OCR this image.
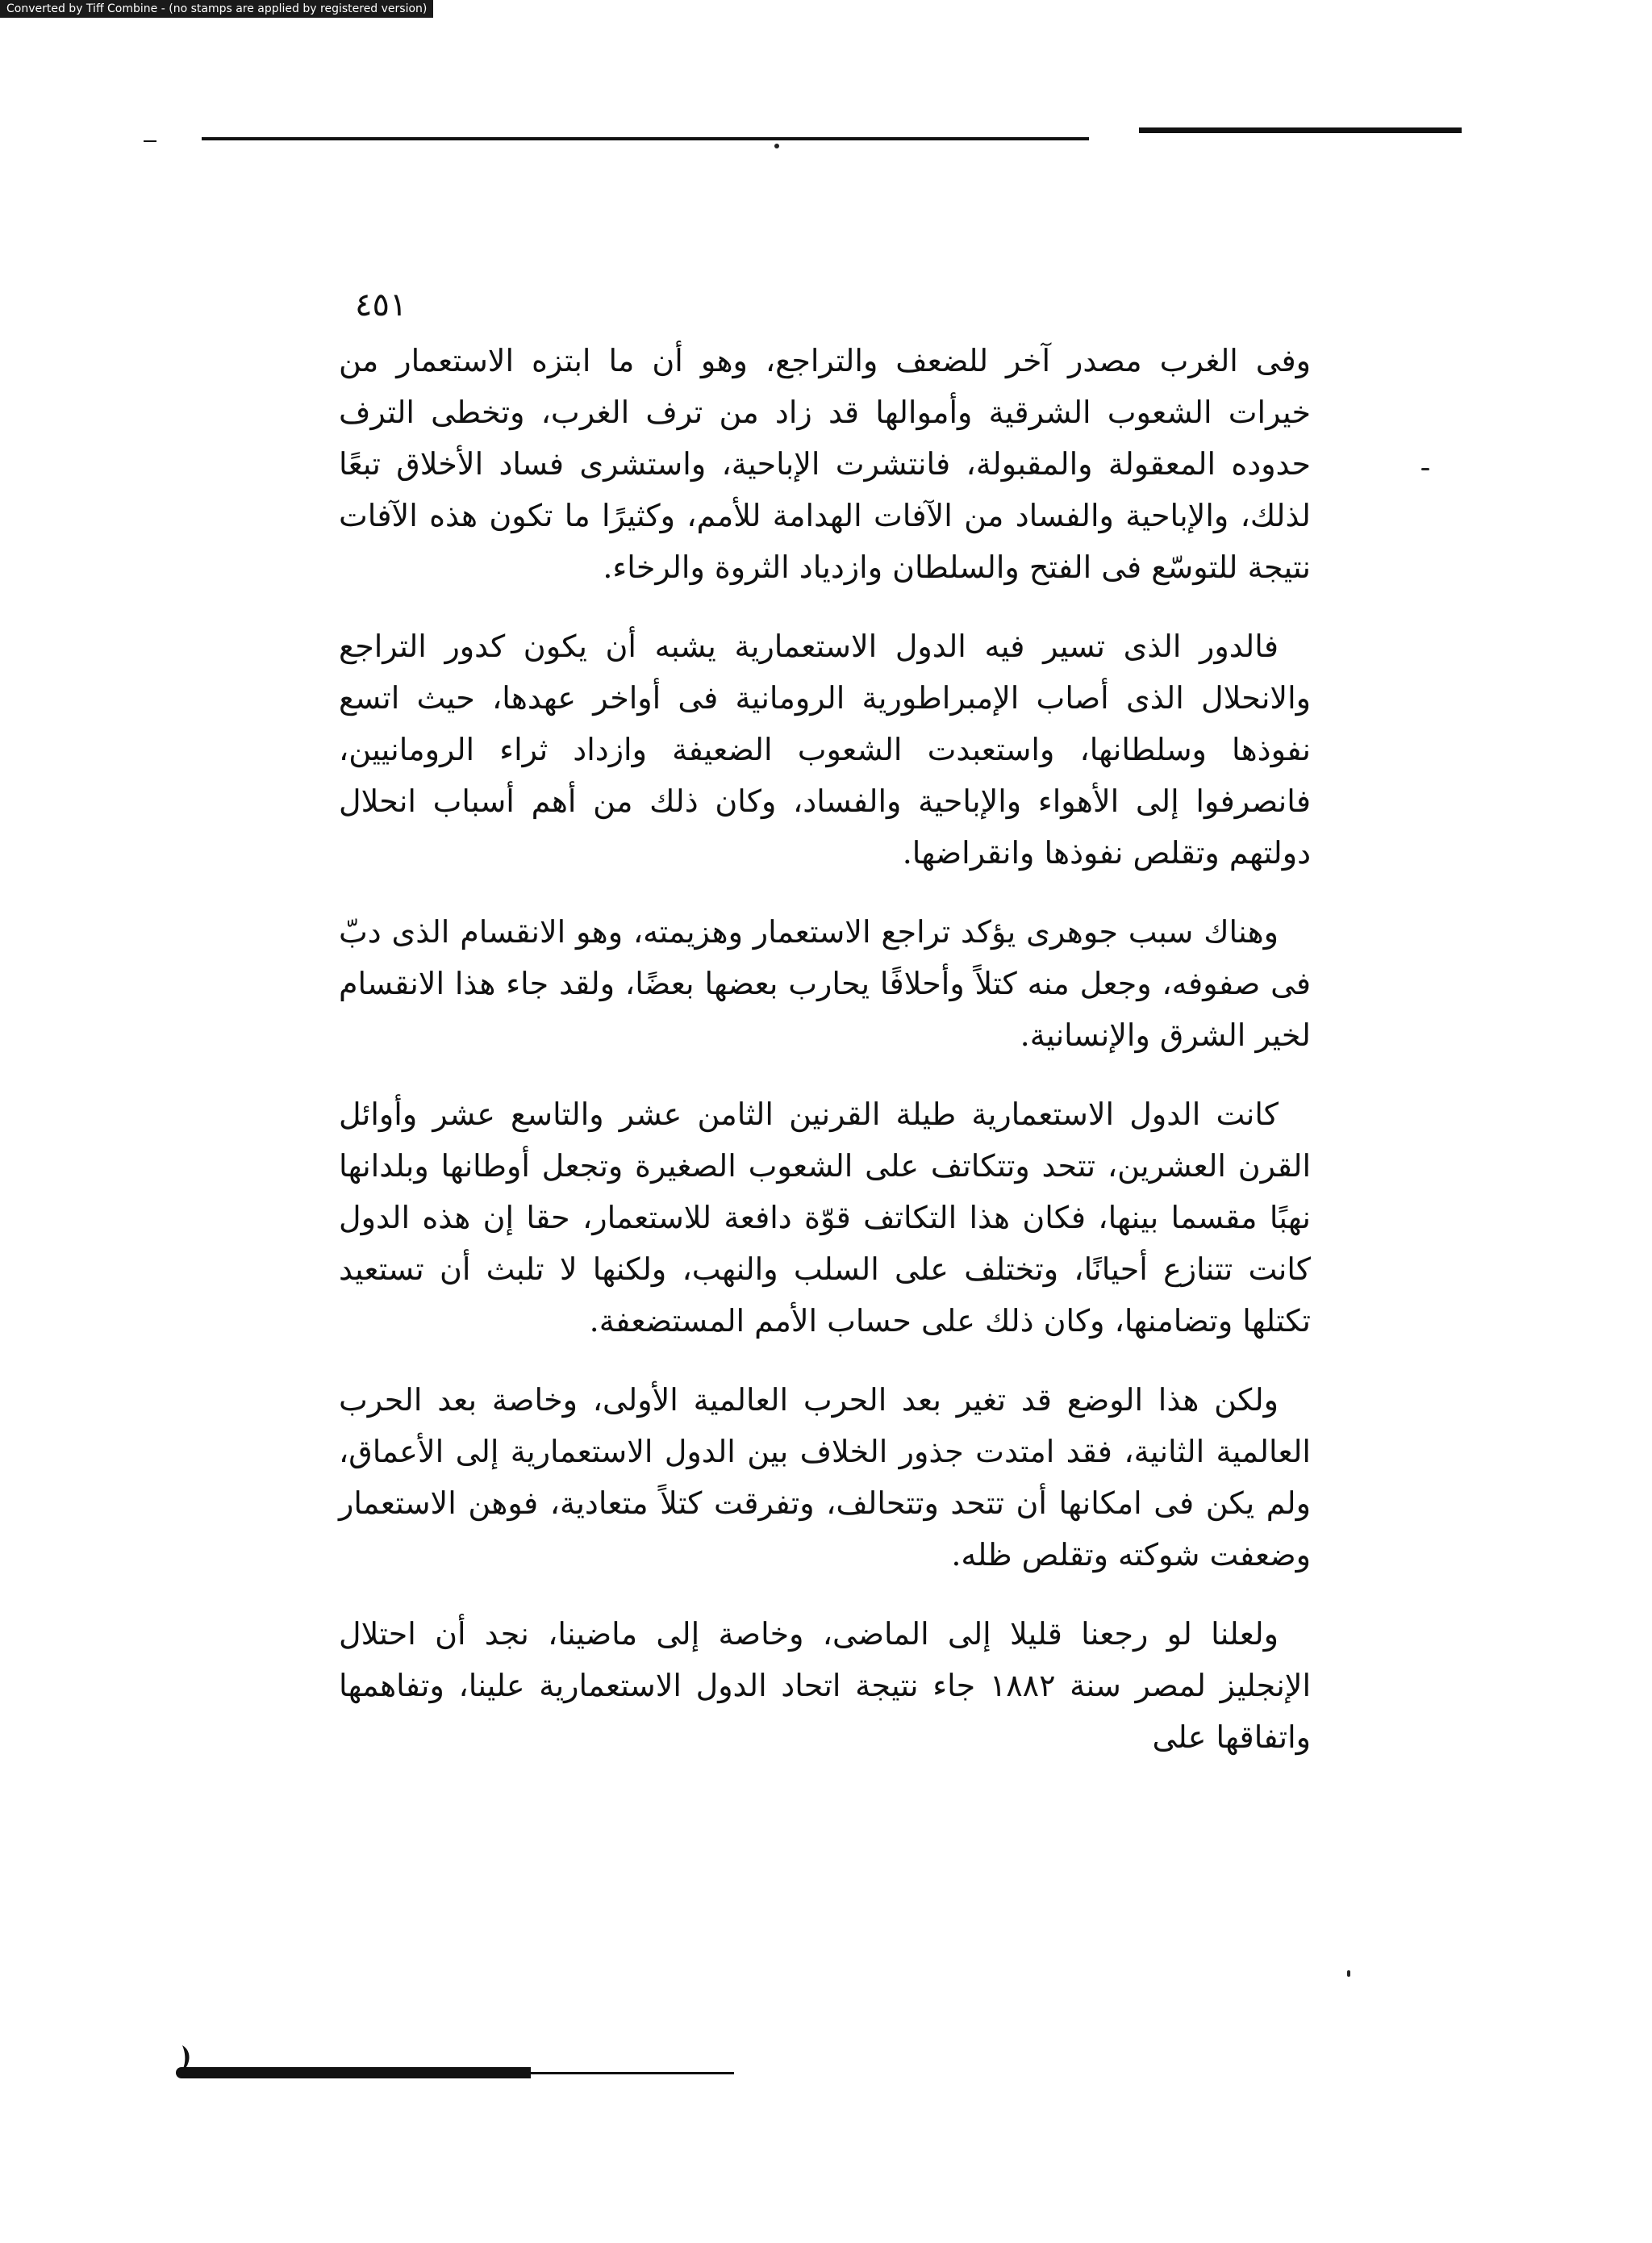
Converted by Tiff Combine - (no stamps are applied by registered version)
٤٥١

وفى الغرب مصدر آخر للضعف والتراجع، وهو أن ما ابتزه الاستعمار من خيرات الشعوب الشرقية وأموالها قد زاد من ترف الغرب، وتخطى الترف حدوده المعقولة والمقبولة، فانتشرت الإباحية، واستشرى فساد الأخلاق تبعًا لذلك، والإباحية والفساد من الآفات الهدامة للأمم، وكثيرًا ما تكون هذه الآفات نتيجة للتوسّع فى الفتح والسلطان وازدياد الثروة والرخاء.

فالدور الذى تسير فيه الدول الاستعمارية يشبه أن يكون كدور التراجع والانحلال الذى أصاب الإمبراطورية الرومانية فى أواخر عهدها، حيث اتسع نفوذها وسلطانها، واستعبدت الشعوب الضعيفة وازداد ثراء الرومانيين، فانصرفوا إلى الأهواء والإباحية والفساد، وكان ذلك من أهم أسباب انحلال دولتهم وتقلص نفوذها وانقراضها.

وهناك سبب جوهرى يؤكد تراجع الاستعمار وهزيمته، وهو الانقسام الذى دبّ فى صفوفه، وجعل منه كتلاً وأحلافًا يحارب بعضها بعضًا، ولقد جاء هذا الانقسام لخير الشرق والإنسانية.

كانت الدول الاستعمارية طيلة القرنين الثامن عشر والتاسع عشر وأوائل القرن العشرين، تتحد وتتكاتف على الشعوب الصغيرة وتجعل أوطانها وبلدانها نهبًا مقسما بينها، فكان هذا التكاتف قوّة دافعة للاستعمار، حقا إن هذه الدول كانت تتنازع أحيانًا، وتختلف على السلب والنهب، ولكنها لا تلبث أن تستعيد تكتلها وتضامنها، وكان ذلك على حساب الأمم المستضعفة.

ولكن هذا الوضع قد تغير بعد الحرب العالمية الأولى، وخاصة بعد الحرب العالمية الثانية، فقد امتدت جذور الخلاف بين الدول الاستعمارية إلى الأعماق، ولم يكن فى امكانها أن تتحد وتتحالف، وتفرقت كتلاً متعادية، فوهن الاستعمار وضعفت شوكته وتقلص ظله.

ولعلنا لو رجعنا قليلا إلى الماضى، وخاصة إلى ماضينا، نجد أن احتلال الإنجليز لمصر سنة ١٨٨٢ جاء نتيجة اتحاد الدول الاستعمارية علينا، وتفاهمها واتفاقها على
